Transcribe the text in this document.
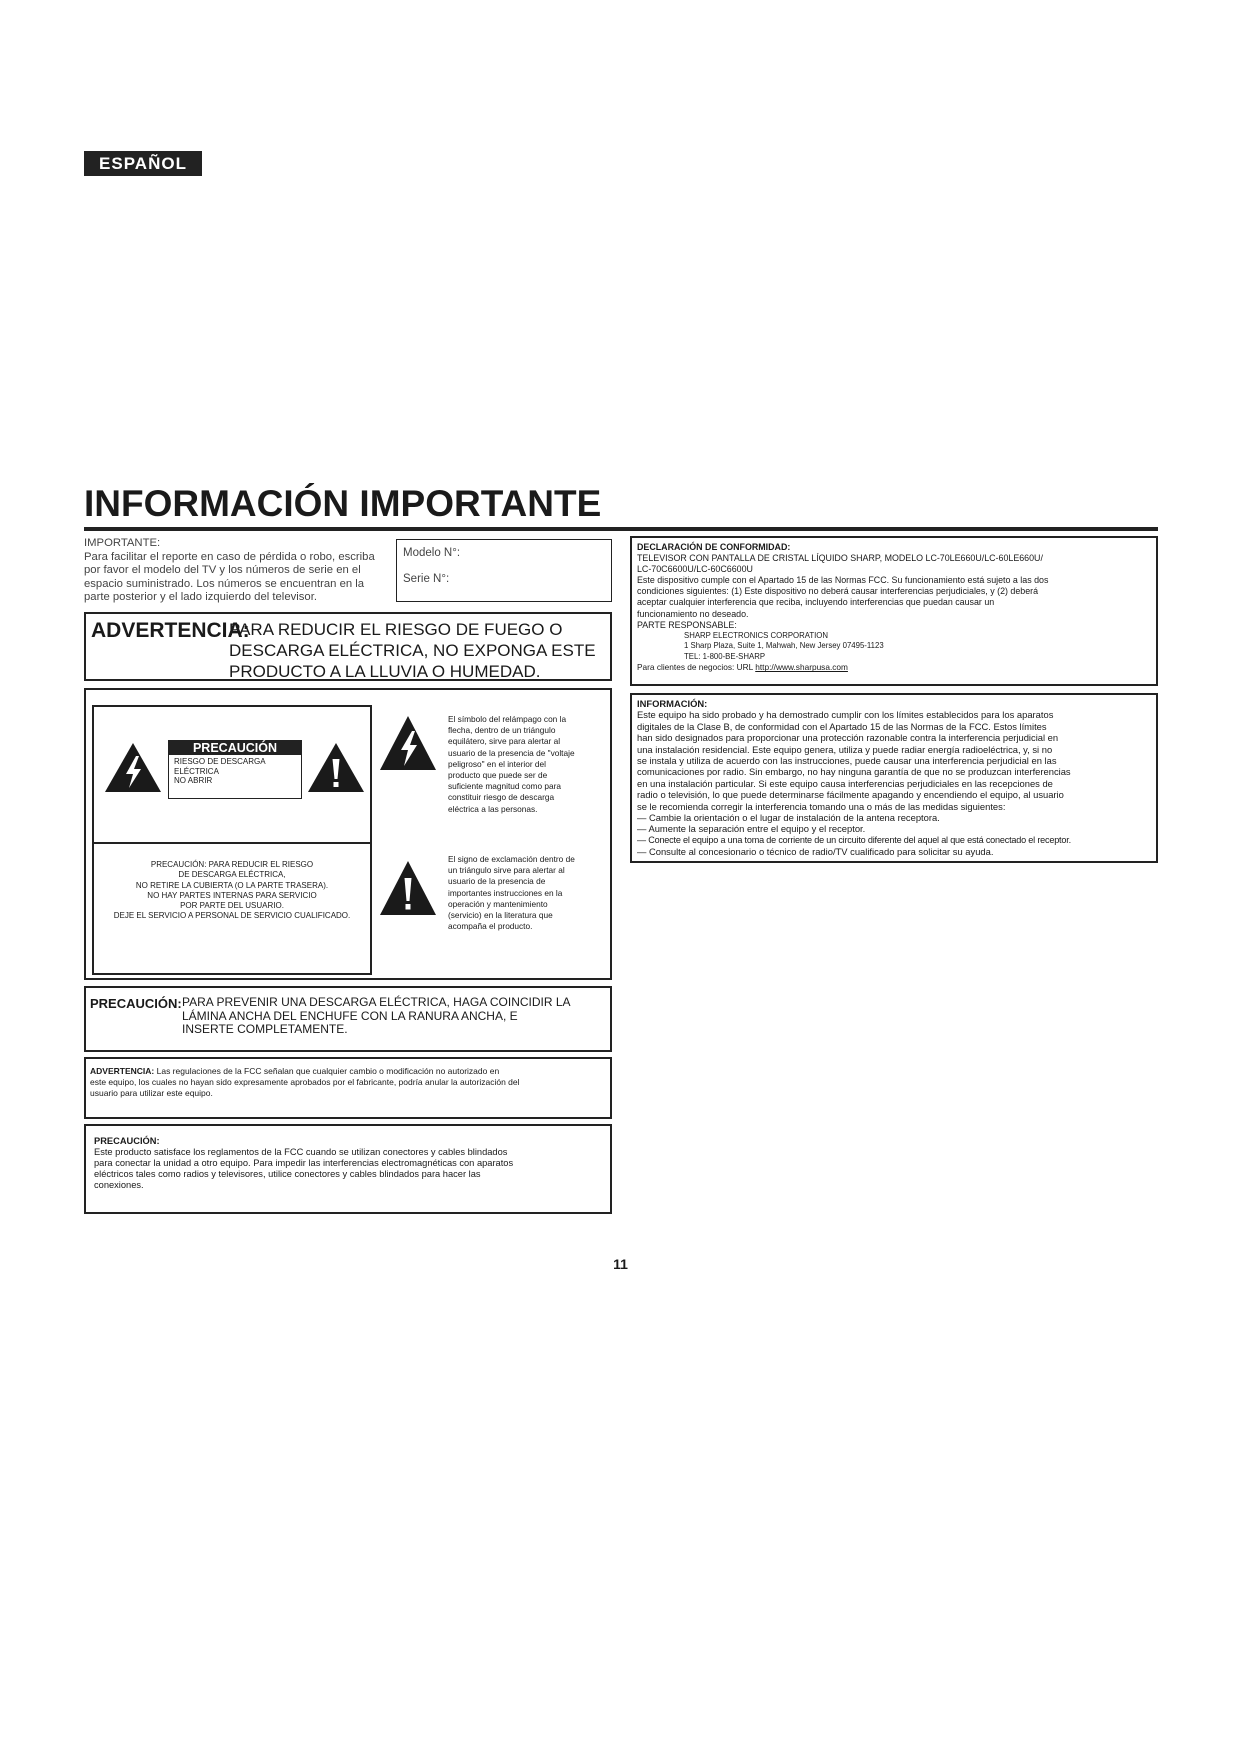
ESPAÑOL
INFORMACIÓN IMPORTANTE
IMPORTANTE:
Para facilitar el reporte en caso de pérdida o robo, escriba
por favor el modelo del TV y los números de serie en el
espacio suministrado. Los números se encuentran en la
parte posterior y el lado izquierdo del televisor.
Modelo N°:
Serie N°:
ADVERTENCIA:
PARA REDUCIR EL RIESGO DE FUEGO O
DESCARGA ELÉCTRICA, NO EXPONGA ESTE
PRODUCTO A LA LLUVIA O HUMEDAD.
PRECAUCIÓN
RIESGO DE DESCARGA
ELÉCTRICA
NO ABRIR
PRECAUCIÓN: PARA REDUCIR EL RIESGO
DE DESCARGA ELÉCTRICA,
NO RETIRE LA CUBIERTA (O LA PARTE TRASERA).
NO HAY PARTES INTERNAS PARA SERVICIO
POR PARTE DEL USUARIO.
DEJE EL SERVICIO A PERSONAL DE SERVICIO CUALIFICADO.
El símbolo del relámpago con la
flecha, dentro de un triángulo
equilátero, sirve para alertar al
usuario de la presencia de "voltaje
peligroso" en el interior del
producto que puede ser de
suficiente magnitud como para
constituir riesgo de descarga
eléctrica a las personas.
El signo de exclamación dentro de
un triángulo sirve para alertar al
usuario de la presencia de
importantes instrucciones en la
operación y mantenimiento
(servicio) en la literatura que
acompaña el producto.
PRECAUCIÓN: PARA PREVENIR UNA DESCARGA ELÉCTRICA, HAGA COINCIDIR LA
LÁMINA ANCHA DEL ENCHUFE CON LA RANURA ANCHA, E
INSERTE COMPLETAMENTE.
ADVERTENCIA: Las regulaciones de la FCC señalan que cualquier cambio o modificación no autorizado en
este equipo, los cuales no hayan sido expresamente aprobados por el fabricante, podría anular la autorización del
usuario para utilizar este equipo.
PRECAUCIÓN:
Este producto satisface los reglamentos de la FCC cuando se utilizan conectores y cables blindados
para conectar la unidad a otro equipo. Para impedir las interferencias electromagnéticas con aparatos
eléctricos tales como radios y televisores, utilice conectores y cables blindados para hacer las
conexiones.
DECLARACIÓN DE CONFORMIDAD:
TELEVISOR CON PANTALLA DE CRISTAL LÍQUIDO SHARP, MODELO LC-70LE660U/LC-60LE660U/
LC-70C6600U/LC-60C6600U
Este dispositivo cumple con el Apartado 15 de las Normas FCC. Su funcionamiento está sujeto a las dos
condiciones siguientes: (1) Este dispositivo no deberá causar interferencias perjudiciales, y (2) deberá
aceptar cualquier interferencia que reciba, incluyendo interferencias que puedan causar un
funcionamiento no deseado.
PARTE RESPONSABLE:
SHARP ELECTRONICS CORPORATION
1 Sharp Plaza, Suite 1, Mahwah, New Jersey 07495-1123
TEL: 1-800-BE-SHARP
Para clientes de negocios: URL http://www.sharpusa.com
INFORMACIÓN:
Este equipo ha sido probado y ha demostrado cumplir con los límites establecidos para los aparatos
digitales de la Clase B, de conformidad con el Apartado 15 de las Normas de la FCC. Estos límites
han sido designados para proporcionar una protección razonable contra la interferencia perjudicial en
una instalación residencial. Este equipo genera, utiliza y puede radiar energía radioeléctrica, y, si no
se instala y utiliza de acuerdo con las instrucciones, puede causar una interferencia perjudicial en las
comunicaciones por radio. Sin embargo, no hay ninguna garantía de que no se produzcan interferencias
en una instalación particular. Si este equipo causa interferencias perjudiciales en las recepciones de
radio o televisión, lo que puede determinarse fácilmente apagando y encendiendo el equipo, al usuario
se le recomienda corregir la interferencia tomando una o más de las medidas siguientes:
— Cambie la orientación o el lugar de instalación de la antena receptora.
— Aumente la separación entre el equipo y el receptor.
— Conecte el equipo a una toma de corriente de un circuito diferente del aquel al que está conectado el receptor.
— Consulte al concesionario o técnico de radio/TV cualificado para solicitar su ayuda.
11
